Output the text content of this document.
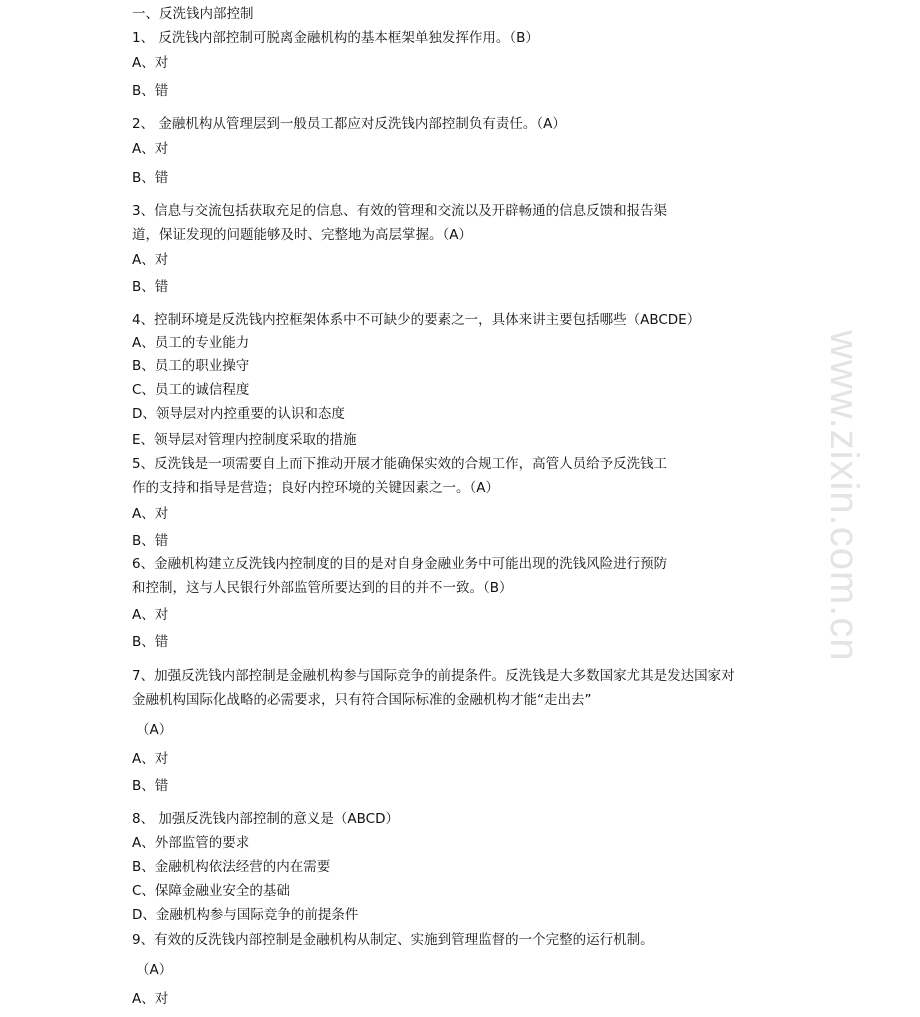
www.zixin.com.cn
一、反洗钱内部控制
1、 反洗钱内部控制可脱离金融机构的基本框架单独发挥作用。（B）
A、对
B、错
2、 金融机构从管理层到一般员工都应对反洗钱内部控制负有责任。（A）
A、对
B、错
3、信息与交流包括获取充足的信息、有效的管理和交流以及开辟畅通的信息反馈和报告渠
道，保证发现的问题能够及时、完整地为高层掌握。（A）
A、对
B、错
4、控制环境是反洗钱内控框架体系中不可缺少的要素之一，具体来讲主要包括哪些（ABCDE）
A、员工的专业能力
B、员工的职业操守
C、员工的诚信程度
D、领导层对内控重要的认识和态度
E、领导层对管理内控制度采取的措施
5、反洗钱是一项需要自上而下推动开展才能确保实效的合规工作，高管人员给予反洗钱工
作的支持和指导是营造；良好内控环境的关键因素之一。（A）
A、对
B、错
6、金融机构建立反洗钱内控制度的目的是对自身金融业务中可能出现的洗钱风险进行预防
和控制，这与人民银行外部监管所要达到的目的并不一致。（B）
A、对
B、错
7、加强反洗钱内部控制是金融机构参与国际竞争的前提条件。反洗钱是大多数国家尤其是发达国家对
金融机构国际化战略的必需要求，只有符合国际标准的金融机构才能“走出去”
（A）
A、对
B、错
8、 加强反洗钱内部控制的意义是（ABCD）
A、外部监管的要求
B、金融机构依法经营的内在需要
C、保障金融业安全的基础
D、金融机构参与国际竞争的前提条件
9、有效的反洗钱内部控制是金融机构从制定、实施到管理监督的一个完整的运行机制。
（A）
A、对
